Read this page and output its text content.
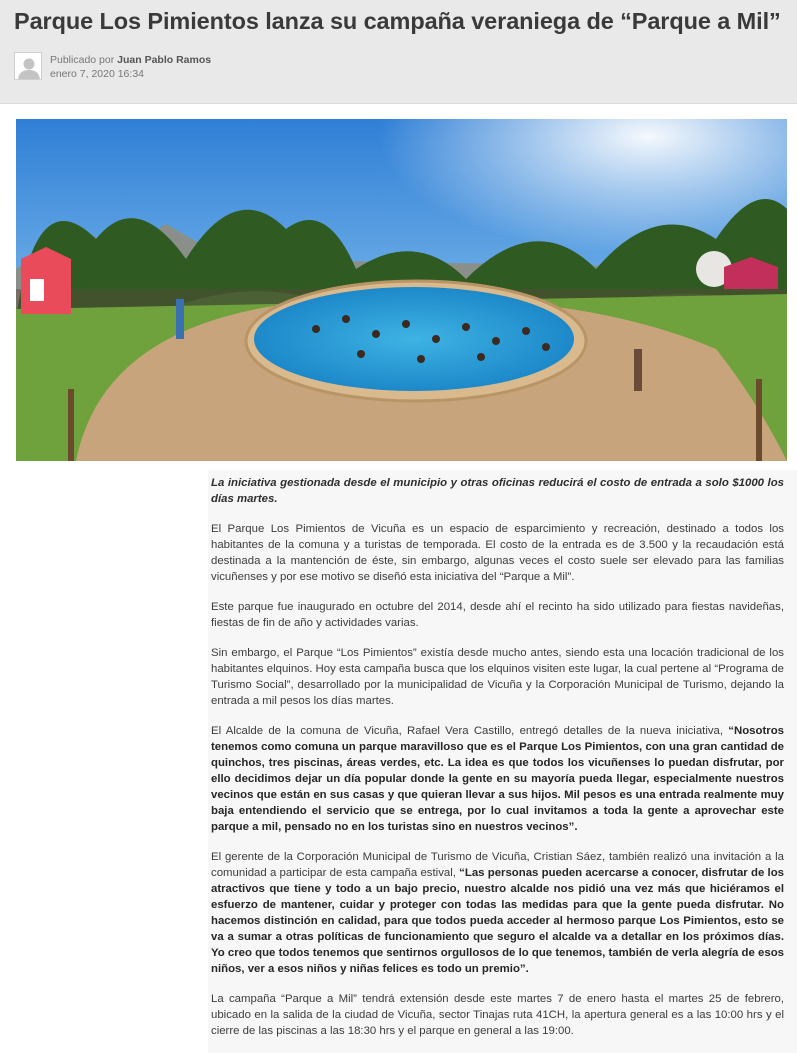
Parque Los Pimientos lanza su campaña veraniega de “Parque a Mil”
Publicado por Juan Pablo Ramos
enero 7, 2020 16:34

La iniciativa gestionada desde el municipio y otras oficinas reducirá el costo de entrada a solo $1000 los días martes.

El Parque Los Pimientos de Vicuña es un espacio de esparcimiento y recreación, destinado a todos los habitantes de la comuna y a turistas de temporada. El costo de la entrada es de 3.500 y la recaudación está destinada a la mantención de éste, sin embargo, algunas veces el costo suele ser elevado para las familias vicuñenses y por ese motivo se diseñó esta iniciativa del “Parque a Mil”.

Este parque fue inaugurado en octubre del 2014, desde ahí el recinto ha sido utilizado para fiestas navideñas, fiestas de fin de año y actividades varias.

Sin embargo, el Parque “Los Pimientos” existía desde mucho antes, siendo esta una locación tradicional de los habitantes elquinos. Hoy esta campaña busca que los elquinos visiten este lugar, la cual pertene al “Programa de Turismo Social”, desarrollado por la municipalidad de Vicuña y la Corporación Municipal de Turismo, dejando la entrada a mil pesos los días martes.

El Alcalde de la comuna de Vicuña, Rafael Vera Castillo, entregó detalles de la nueva iniciativa, “Nosotros tenemos como comuna un parque maravilloso que es el Parque Los Pimientos, con una gran cantidad de quinchos, tres piscinas, áreas verdes, etc. La idea es que todos los vicuñenses lo puedan disfrutar, por ello decidimos dejar un día popular donde la gente en su mayoría pueda llegar, especialmente nuestros vecinos que están en sus casas y que quieran llevar a sus hijos. Mil pesos es una entrada realmente muy baja entendiendo el servicio que se entrega, por lo cual invitamos a toda la gente a aprovechar este parque a mil, pensado no en los turistas sino en nuestros vecinos”.

El gerente de la Corporación Municipal de Turismo de Vicuña, Cristian Sáez, también realizó una invitación a la comunidad a participar de esta campaña estival, “Las personas pueden acercarse a conocer, disfrutar de los atractivos que tiene y todo a un bajo precio, nuestro alcalde nos pidió una vez más que hiciéramos el esfuerzo de mantener, cuidar y proteger con todas las medidas para que la gente pueda disfrutar. No hacemos distinción en calidad, para que todos pueda acceder al hermoso parque Los Pimientos, esto se va a sumar a otras políticas de funcionamiento que seguro el alcalde va a detallar en los próximos días. Yo creo que todos tenemos que sentirnos orgullosos de lo que tenemos, también de verla alegría de esos niños, ver a esos niños y niñas felices es todo un premio”.

La campaña “Parque a Mil” tendrá extensión desde este martes 7 de enero hasta el martes 25 de febrero, ubicado en la salida de la ciudad de Vicuña, sector Tinajas ruta 41CH, la apertura general es a las 10:00 hrs y el cierre de las piscinas a las 18:30 hrs y el parque en general a las 19:00.
